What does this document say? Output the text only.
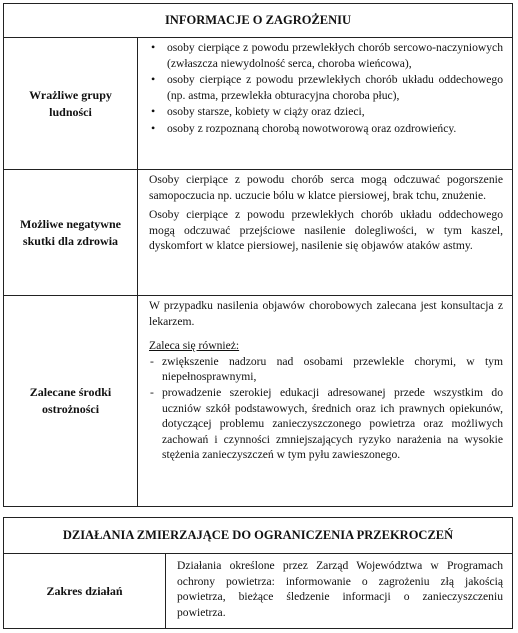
INFORMACJE O ZAGROŻENIU
Wrażliwe grupy ludności
• osoby cierpiące z powodu przewlekłych chorób sercowo-naczyniowych (zwłaszcza niewydolność serca, choroba wieńcowa),
• osoby cierpiące z powodu przewlekłych chorób układu oddechowego (np. astma, przewlekła obturacyjna choroba płuc),
• osoby starsze, kobiety w ciąży oraz dzieci,
• osoby z rozpoznaną chorobą nowotworową oraz ozdrowieńcy.
Możliwe negatywne skutki dla zdrowia

Osoby cierpiące z powodu chorób serca mogą odczuwać pogorszenie samopoczucia np. uczucie bólu w klatce piersiowej, brak tchu, znużenie.

Osoby cierpiące z powodu przewlekłych chorób układu oddechowego mogą odczuwać przejściowe nasilenie dolegliwości, w tym kaszel, dyskomfort w klatce piersiowej, nasilenie się objawów ataków astmy.

Zalecane środki ostrożności

W przypadku nasilenia objawów chorobowych zalecana jest konsultacja z lekarzem.

Zaleca się również:

- zwiększenie nadzoru nad osobami przewlekle chorymi, w tym niepełnosprawnymi,
- prowadzenie szerokiej edukacji adresowanej przede wszystkim do uczniów szkół podstawowych, średnich oraz ich prawnych opiekunów, dotyczącej problemu zanieczyszczonego powietrza oraz możliwych zachowań i czynności zmniejszających ryzyko narażenia na wysokie stężenia zanieczyszczeń w tym pyłu zawieszonego.
DZIAŁANIA ZMIERZAJĄCE DO OGRANICZENIA PRZEKROCZEŃ
Zakres działań
Działania określone przez Zarząd Województwa w Programach ochrony powietrza: informowanie o zagrożeniu złą jakością powietrza, bieżące śledzenie informacji o zanieczyszczeniu powietrza.
